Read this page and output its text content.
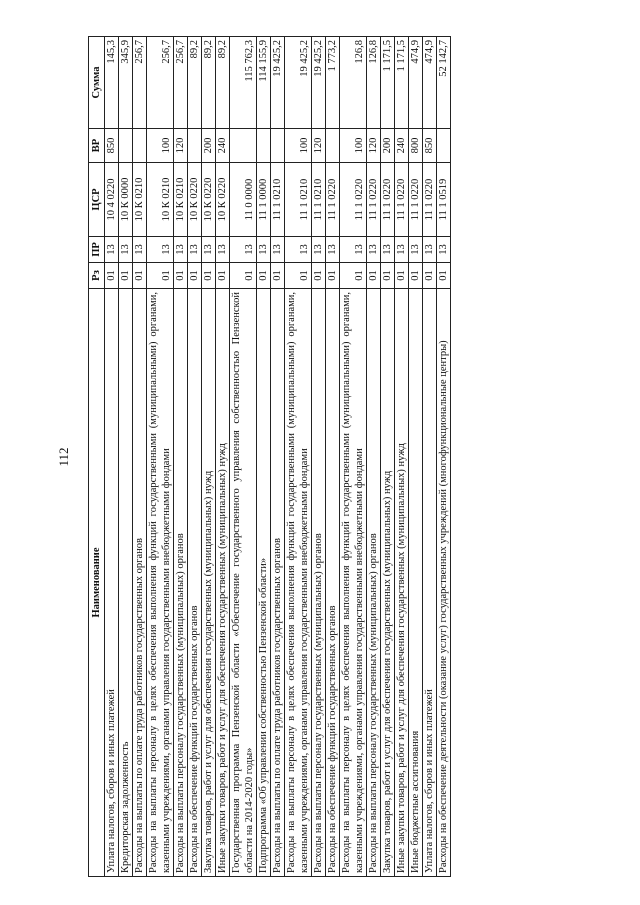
112
Наименование	Рз	ПР	ЦСР	ВР	Сумма
Уплата налогов, сборов и иных платежей	01	13	10 4 0220	850	145,3
Кредиторская задолженность	01	13	10 К 0000		345,9
Расходы на выплаты по оплате труда работников государственных органов	01	13	10 К 0210		256,7
Расходы на выплаты персоналу в целях обеспечения выполнения функций государственными (муниципальными) органами, казенными учреждениями, органами управления государственными внебюджетными фондами	01	13	10 К 0210	100	256,7
Расходы на выплаты персоналу государственных (муниципальных) органов	01	13	10 К 0210	120	256,7
Расходы на обеспечение функций государственных органов	01	13	10 К 0220		89,2
Закупка товаров, работ и услуг для обеспечения государственных (муниципальных) нужд	01	13	10 К 0220	200	89,2
Иные закупки товаров, работ и услуг для обеспечения государственных (муниципальных) нужд	01	13	10 К 0220	240	89,2
Государственная программа Пензенской области «Обеспечение государственного управления собственностью Пензенской области на 2014-2020 годы»	01	13	11 0 0000		115 762,3
Подпрограмма «Об управлении собственностью Пензенской области»	01	13	11 1 0000		114 155,9
Расходы на выплаты по оплате труда работников государственных органов	01	13	11 1 0210		19 425,2
Расходы на выплаты персоналу в целях обеспечения выполнения функций государственными (муниципальными) органами, казенными учреждениями, органами управления государственными внебюджетными фондами	01	13	11 1 0210	100	19 425,2
Расходы на выплаты персоналу государственных (муниципальных) органов	01	13	11 1 0210	120	19 425,2
Расходы на обеспечение функций государственных органов	01	13	11 1 0220		1 773,2
Расходы на выплаты персоналу в целях обеспечения выполнения функций государственными (муниципальными) органами, казенными учреждениями, органами управления государственными внебюджетными фондами	01	13	11 1 0220	100	126,8
Расходы на выплаты персоналу государственных (муниципальных) органов	01	13	11 1 0220	120	126,8
Закупка товаров, работ и услуг для обеспечения государственных (муниципальных) нужд	01	13	11 1 0220	200	1 171,5
Иные закупки товаров, работ и услуг для обеспечения государственных (муниципальных) нужд	01	13	11 1 0220	240	1 171,5
Иные бюджетные ассигнования	01	13	11 1 0220	800	474,9
Уплата налогов, сборов и иных платежей	01	13	11 1 0220	850	474,9
Расходы на обеспечение деятельности (оказание услуг) государственных учреждений (многофункциональные центры)	01	13	11 1 0519		52 142,7
